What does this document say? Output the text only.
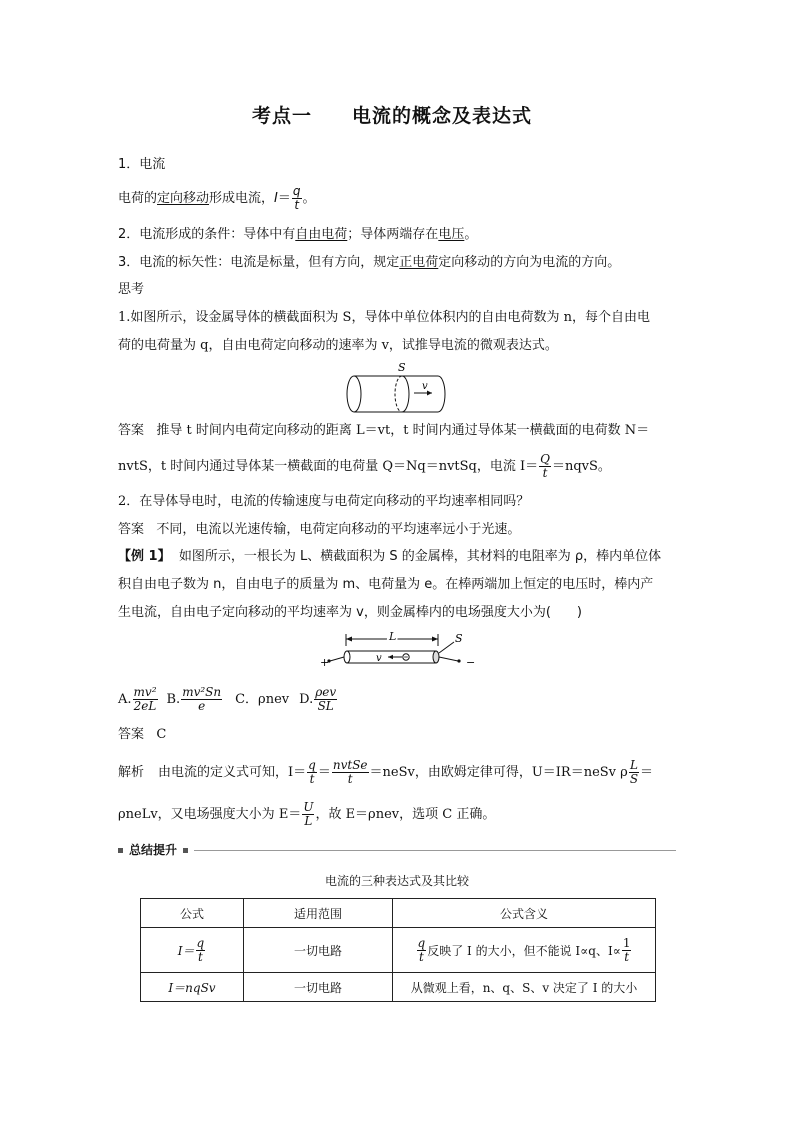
考点一　　电流的概念及表达式
1．电流
电荷的 定向移动 形成电流， $I = \frac{q}{t}$ 。
2．电流形成的条件：导体中有自由电荷；导体两端存在电压。
3．电流的标矢性：电流是标量，但有方向，规定正电荷定向移动的方向为电流的方向。
思考
1.如图所示，设金属导体的横截面积为 S，导体中单位体积内的自由电荷数为 n，每个自由电
荷的电荷量为 q，自由电荷定向移动的速率为 v，试推导电流的微观表达式。
S
v
答案 推导 t 时间内电荷定向移动的距离 L＝vt，t 时间内通过导体某一横截面的电荷数 N＝
nvtS，t 时间内通过导体某一横截面的电荷量 Q＝Nq＝nvtSq，电流 $I= \frac{Q}{t}$ ＝nqvS。
2．在导体导电时，电流的传输速度与电荷定向移动的平均速率相同吗？
答案 不同，电流以光速传输，电荷定向移动的平均速率远小于光速。
【例 1】 如图所示，一根长为 L、横截面积为 S 的金属棒，其材料的电阻率为 ρ，棒内单位体
积自由电子数为 n，自由电子的质量为 m、电荷量为 e。在棒两端加上恒定的电压时，棒内产
生电流，自由电子定向移动的平均速率为 v，则金属棒内的电场强度大小为(　　)
L	S
v
+	−
A. $\frac{\text{mv²}}{2eL} B$. $\frac{\text{mv²Sn}}{e}$ C．ρnev D. $\frac{\text{ρev}}{SL}$
答案 C
解析 由电流的定义式可知，$I= \frac{q}{t} = \frac{\text{nvtSe}}{t}$ ＝neSv，由欧姆定律可得，U＝IR＝neSv ρ $\frac{L}{S}$ ＝
ρneLv，又电场强度大小为 $E= \frac{U}{L}$ ，故 E＝ρnev，选项 C 正确。
总结提升
电流的三种表达式及其比较
公式	适用范围	公式含义

$I= \frac{q}{t}$	一切电路	$\frac{q}{t}$ 反映了 I 的大小，但不能说 I∝q、$I\propto \frac{1}{t}$

I＝nqSv	一切电路	从微观上看，n、q、S、v 决定了 I 的大小
